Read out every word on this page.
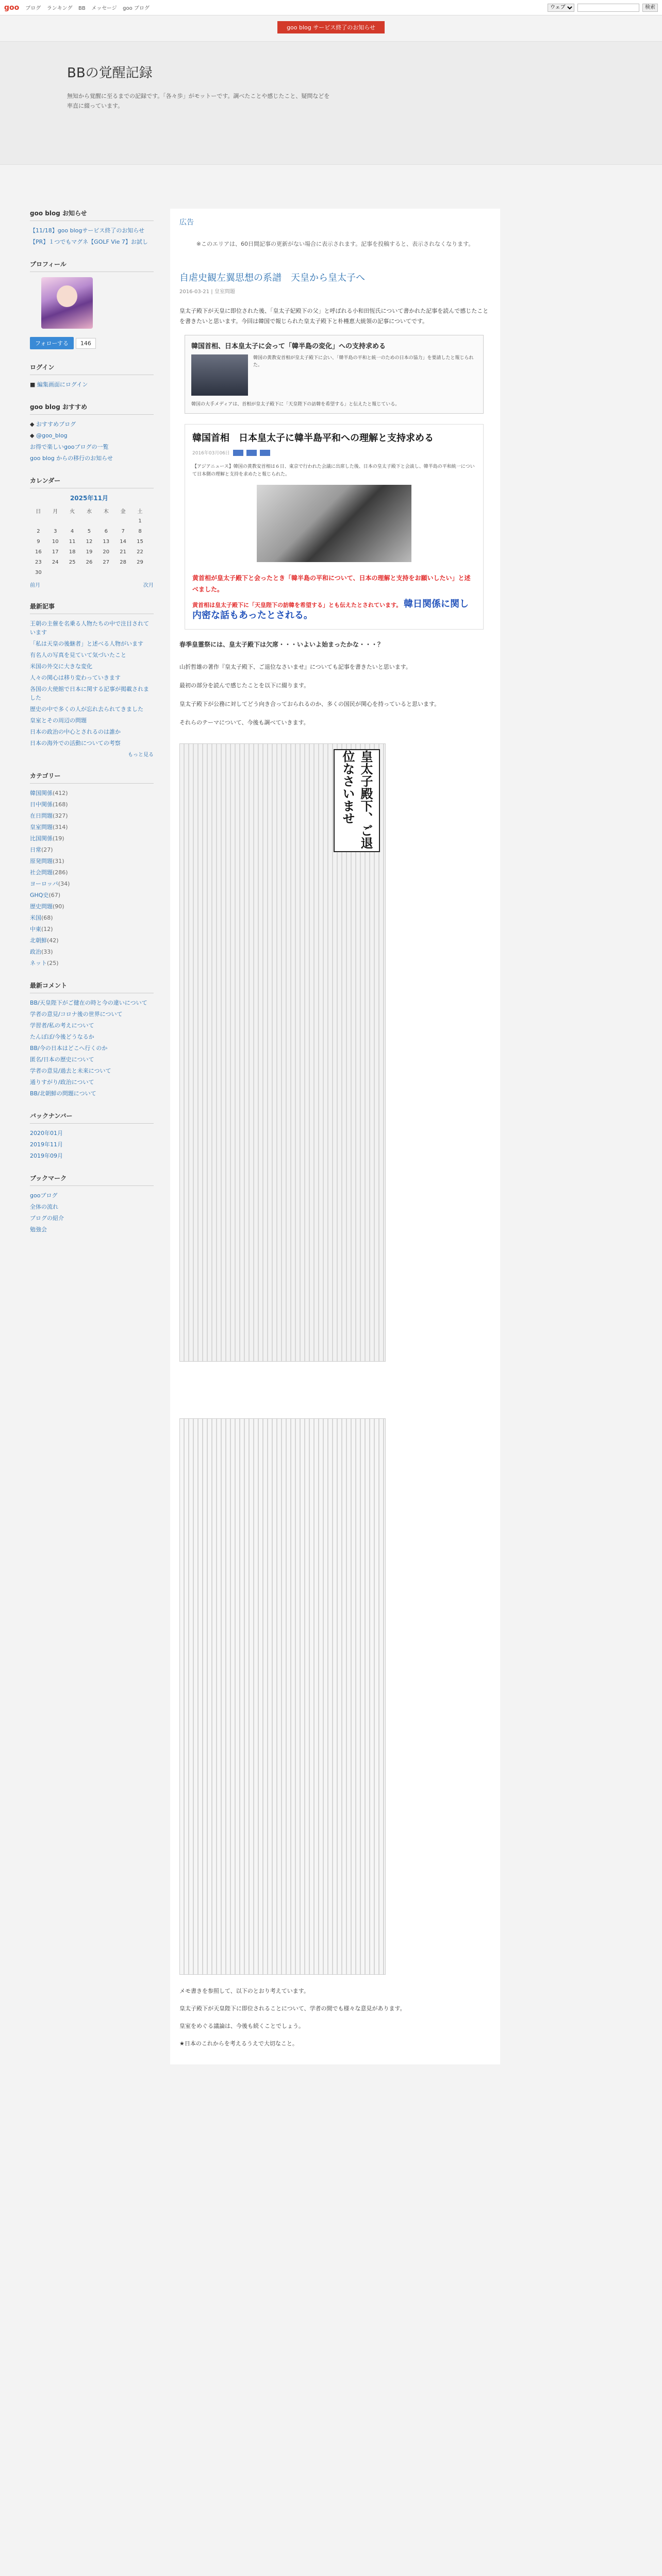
goo ブログ ランキング BB メッセージ goo ブログ
ウェブ	検索
goo blog サービス終了のお知らせ
BBの覚醒記録

無知から覚醒に至るまでの記録です。「各々歩」がモットーです。調べたことや感じたこと、疑問などを率直に綴っています。

goo blog お知らせ
【11/18】goo blogサービス終了のお知らせ
【PR】１つでもマグネ【GOLF Vie 7】お試し
プロフィール
フォローする 146
ログイン
■ 編集画面にログイン
goo blog おすすめ
◆ おすすめブログ
◆ @goo_blog
お得で楽しいgooブログの一覧
goo blog からの移行のお知らせ
カレンダー
2025年11月
日	月	火	水	木	金	土
						1
2	3	4	5	6	7	8
9	10	11	12	13	14	15
16	17	18	19	20	21	22
23	24	25	26	27	28	29
30						
前月	次月
最新記事
王朝の主催を名乗る人物たちの中で注目されています
「私は天皇の後継者」と述べる人物がいます
有名人の写真を見ていて気づいたこと
米国の外交に大きな変化
人々の関心は移り変わっていきます
各国の大使館で日本に関する記事が掲載されました
歴史の中で多くの人が忘れ去られてきました
皇室とその周辺の問題
日本の政治の中心とされるのは誰か
日本の海外での活動についての考察
もっと見る
カテゴリー
韓国関係(412)
日中関係(168)
在日問題(327)
皇室問題(314)
比国関係(19)
日常(27)
原発問題(31)
社会問題(286)
ヨーロッパ(34)
GHQ史(67)
歴史問題(90)
米国(68)
中東(12)
北朝鮮(42)
政治(33)
ネット(25)
最新コメント
BB/天皇陛下がご健在の時と今の違いについて
学者の意見/コロナ後の世界について
学習者/私の考えについて
たんぽぽ/今後どうなるか
BB/今の日本はどこへ行くのか
匿名/日本の歴史について
学者の意見/過去と未来について
通りすがり/政治について
BB/北朝鮮の問題について
バックナンバー
2020年01月
2019年11月
2019年09月
ブックマーク
gooブログ
全体の流れ
ブログの紹介
勉強会
広告

※このエリアは、60日間記事の更新がない場合に表示されます。記事を投稿すると、表示されなくなります。

自虐史観左翼思想の系譜　天皇から皇太子へ
2016-03-21 | 皇室問題

皇太子殿下が天皇に即位された後、「皇太子妃殿下の父」と呼ばれる小和田恆氏について書かれた記事を読んで感じたことを書きたいと思います。今回は韓国で報じられた皇太子殿下と朴槿恵大統領の記事についてです。

韓国首相、日本皇太子に会って「韓半島の変化」への支持求める
韓国の黄教安首相が皇太子殿下に会い、「韓半島の平和と統一のための日本の協力」を要請したと報じられた。
韓国の大手メディアは、首相が皇太子殿下に「天皇陛下の訪韓を希望する」と伝えたと報じている。
韓国首相　日本皇太子に韓半島平和への理解と支持求める
2016年03月06日

【アジアニュース】韓国の黄教安首相は６日、東京で行われた会議に出席した後、日本の皇太子殿下と会談し、韓半島の平和統一について日本側の理解と支持を求めたと報じられた。

黄首相が皇太子殿下と会ったとき「韓半島の平和について、日本の理解と支持をお願いしたい」と述べました。

黄首相は皇太子殿下に「天皇陛下の訪韓を希望する」とも伝えたとされています。 韓日関係に関し内密な話もあったとされる。

春季皇霊祭には、皇太子殿下は欠席・・・いよいよ始まったかな・・・？

山折哲雄の著作『皇太子殿下、ご退位なさいませ』についても記事を書きたいと思います。

最初の部分を読んで感じたことを以下に綴ります。

皇太子殿下が公務に対してどう向き合っておられるのか、多くの国民が関心を持っていると思います。

それらのテーマについて、今後も調べていきます。

皇太子殿下、ご退位なさいませ

メモ書きを参照して、以下のとおり考えています。

皇太子殿下が天皇陛下に即位されることについて、学者の間でも様々な意見があります。

皇室をめぐる議論は、今後も続くことでしょう。

★日本のこれからを考えるうえで大切なこと。
